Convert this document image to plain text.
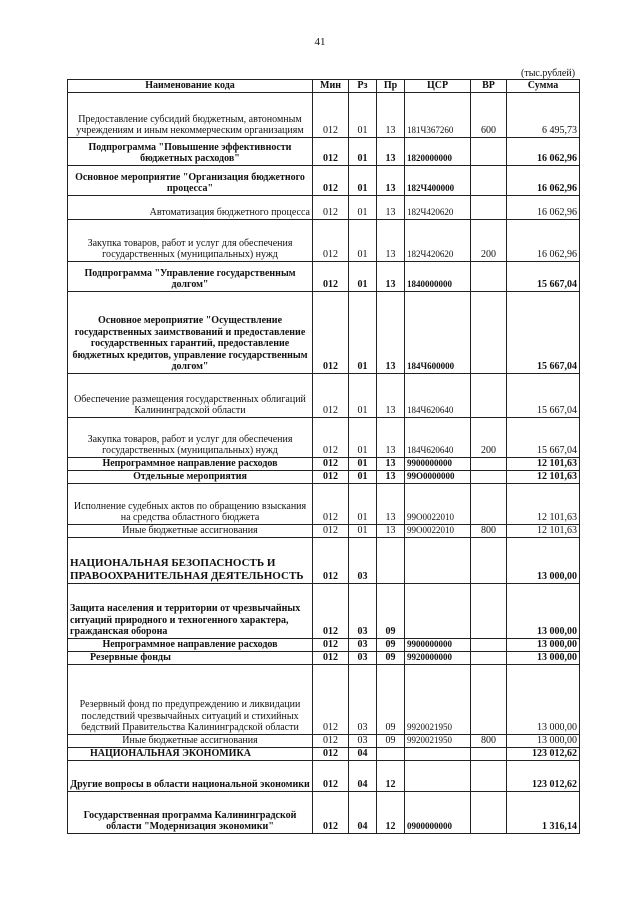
41
(тыс.рублей)
Наименование кода	Мин	Рз	Пр	ЦСР	ВР	Сумма
Предоставление субсидий бюджетным, автономным учреждениям и иным некоммерческим организациям	012	01	13	181Ч367260	600	6 495,73
Подпрограмма "Повышение эффективности бюджетных расходов"	012	01	13	1820000000		16 062,96
Основное мероприятие "Организация бюджетного процесса"	012	01	13	182Ч400000		16 062,96
Автоматизация бюджетного процесса	012	01	13	182Ч420620		16 062,96
Закупка товаров, работ и услуг для обеспечения государственных (муниципальных) нужд	012	01	13	182Ч420620	200	16 062,96
Подпрограмма "Управление государственным долгом"	012	01	13	1840000000		15 667,04
Основное мероприятие "Осуществление государственных заимствований и предоставление государственных гарантий, предоставление бюджетных кредитов, управление государственным долгом"	012	01	13	184Ч600000		15 667,04
Обеспечение размещения государственных облигаций Калининградской области	012	01	13	184Ч620640		15 667,04
Закупка товаров, работ и услуг для обеспечения государственных (муниципальных) нужд	012	01	13	184Ч620640	200	15 667,04
Непрограммное направление расходов	012	01	13	9900000000		12 101,63
Отдельные мероприятия	012	01	13	99О0000000		12 101,63
Исполнение судебных актов по обращению взыскания на средства областного бюджета	012	01	13	99О0022010		12 101,63
Иные бюджетные ассигнования	012	01	13	99О0022010	800	12 101,63
НАЦИОНАЛЬНАЯ БЕЗОПАСНОСТЬ И ПРАВООХРАНИТЕЛЬНАЯ ДЕЯТЕЛЬНОСТЬ	012	03				13 000,00
Защита населения и территории от чрезвычайных ситуаций природного и техногенного характера, гражданская оборона	012	03	09			13 000,00
Непрограммное направление расходов	012	03	09	9900000000		13 000,00
Резервные фонды	012	03	09	9920000000		13 000,00
Резервный фонд по предупреждению и ликвидации последствий чрезвычайных ситуаций и стихийных бедствий Правительства Калининградской области	012	03	09	9920021950		13 000,00
Иные бюджетные ассигнования	012	03	09	9920021950	800	13 000,00
НАЦИОНАЛЬНАЯ ЭКОНОМИКА	012	04				123 012,62
Другие вопросы в области национальной экономики	012	04	12			123 012,62
Государственная программа Калининградской области "Модернизация экономики"	012	04	12	0900000000		1 316,14
